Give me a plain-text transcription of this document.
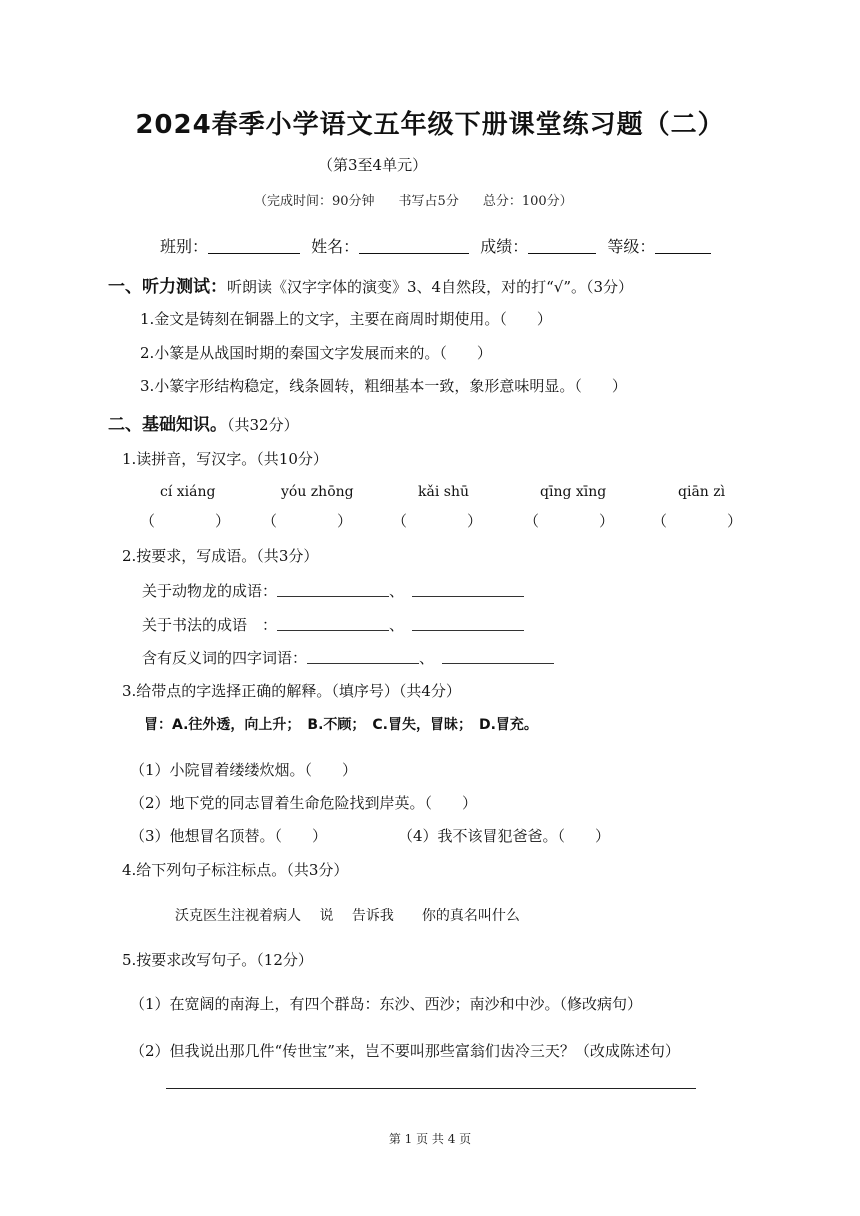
2024春季小学语文五年级下册课堂练习题（二）
（第3至4单元）
（完成时间：90分钟 书写占5分 总分：100分）
班别：	姓名：	成绩：	等级：
一、听力测试：听朗读《汉字字体的演变》3、4自然段，对的打“√”。（3分）
1.金文是铸刻在铜器上的文字，主要在商周时期使用。（　　）
2.小篆是从战国时期的秦国文字发展而来的。（　　）
3.小篆字形结构稳定，线条圆转，粗细基本一致，象形意味明显。（　　）
二、基础知识。（共32分）
1.读拼音，写汉字。（共10分）
cí xiáng	yóu zhōng	kǎi shū	qīng xīng	qiān zì
（　　　　） （　　　　）	（　　　　）	（　　　　）	（　　　　）
2.按要求，写成语。（共3分）
关于动物龙的成语：	、　
关于书法的成语　：	、　
含有反义词的四字词语：	、　
3.给带点的字选择正确的解释。（填序号）（共4分）
冒：A.往外透，向上升；　B.不顾；　C.冒失，冒昧；　D.冒充。
（1）小院冒着缕缕炊烟。（　　）
（2）地下党的同志冒着生命危险找到岸英。（　　）
（3）他想冒名顶替。（　　）	（4）我不该冒犯爸爸。（　　）
4.给下列句子标注标点。（共3分）
沃克医生注视着病人　 说　 告诉我　　你的真名叫什么
5.按要求改写句子。（12分）
（1）在宽阔的南海上，有四个群岛：东沙、西沙；南沙和中沙。（修改病句）
（2）但我说出那几件“传世宝”来，岂不要叫那些富翁们齿冷三天？（改成陈述句）
第 1 页 共 4 页
